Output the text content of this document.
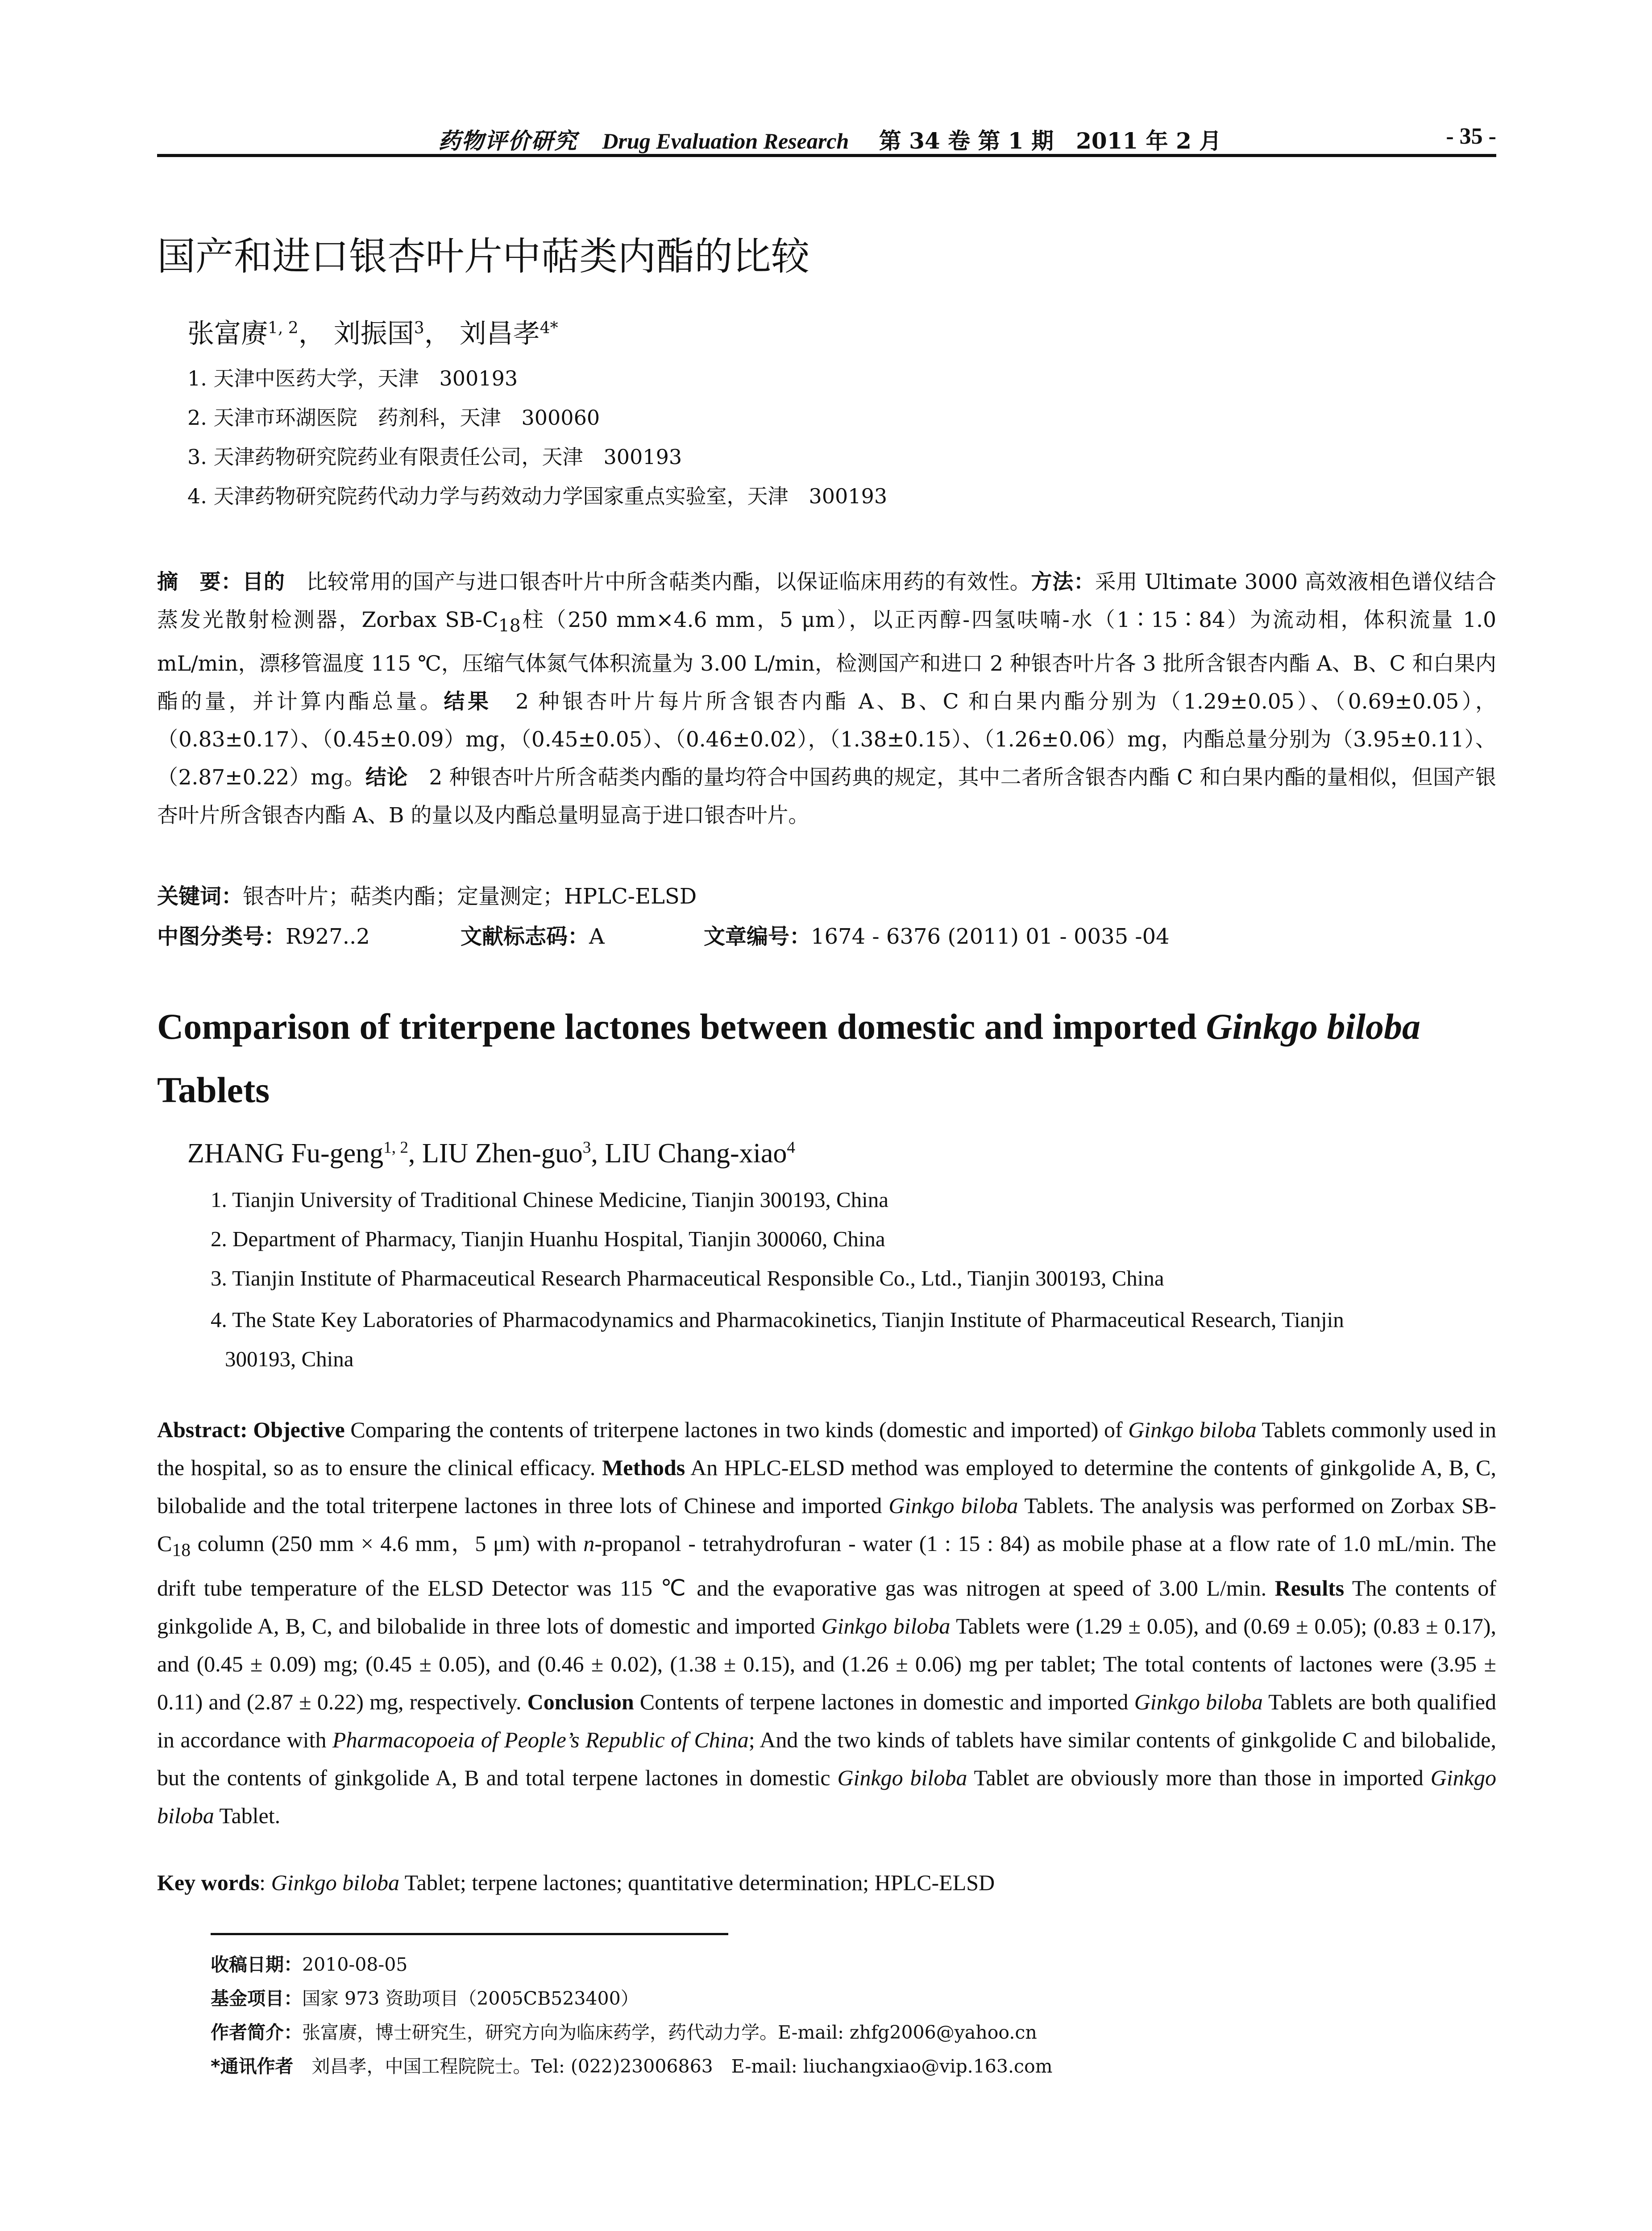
药物评价研究 Drug Evaluation Research 第 34 卷 第 1 期　2011 年 2 月	- 35 -
国产和进口银杏叶片中萜类内酯的比较
张富赓$^{1, 2}$， 刘振国$^3$， 刘昌孝$^{4*}$
1. 天津中医药大学，天津　300193
2. 天津市环湖医院　药剂科，天津　300060
3. 天津药物研究院药业有限责任公司，天津　300193
4. 天津药物研究院药代动力学与药效动力学国家重点实验室，天津　300193
摘　要：目的　比较常用的国产与进口银杏叶片中所含萜类内酯，以保证临床用药的有效性。方法：采用 Ultimate 3000 高效液相色谱仪结合蒸发光散射检测器，Zorbax $SB-C_{18}$柱（250 mm×4.6 mm，5 μm），以正丙醇-四氢呋喃-水（1∶15∶84）为流动相，体积流量 1.0 mL/min，漂移管温度 115 ℃，压缩气体氮气体积流量为 3.00 L/min，检测国产和进口 2 种银杏叶片各 3 批所含银杏内酯 A、B、C 和白果内酯的量，并计算内酯总量。结果　2 种银杏叶片每片所含银杏内酯 A、B、C 和白果内酯分别为（1.29±0.05）、（0.69±0.05），（0.83±0.17）、（0.45±0.09）mg，（0.45±0.05）、（0.46±0.02），（1.38±0.15）、（1.26±0.06）mg，内酯总量分别为（3.95±0.11）、（2.87±0.22）mg。结论　2 种银杏叶片所含萜类内酯的量均符合中国药典的规定，其中二者所含银杏内酯 C 和白果内酯的量相似，但国产银杏叶片所含银杏内酯 A、B 的量以及内酯总量明显高于进口银杏叶片。
关键词：银杏叶片；萜类内酯；定量测定；HPLC-ELSD
中图分类号：R927..2	文献标志码：A	文章编号：1674 - 6376 (2011) 01 - 0035 -04
Comparison of triterpene lactones between domestic and imported Ginkgo biloba
Tablets
ZHANG Fu-geng$^{1, 2}$, LIU Zhen-guo$^3$, LIU Chang-xiao$^4$
1. Tianjin University of Traditional Chinese Medicine, Tianjin 300193, China
2. Department of Pharmacy, Tianjin Huanhu Hospital, Tianjin 300060, China
3. Tianjin Institute of Pharmaceutical Research Pharmaceutical Responsible Co., Ltd., Tianjin 300193, China
4. The State Key Laboratories of Pharmacodynamics and Pharmacokinetics, Tianjin Institute of Pharmaceutical Research, Tianjin
300193, China
Abstract: Objective Comparing the contents of triterpene lactones in two kinds (domestic and imported) of Ginkgo biloba Tablets commonly used in the hospital, so as to ensure the clinical efficacy. Methods An HPLC-ELSD method was employed to determine the contents of ginkgolide A, B, C, bilobalide and the total triterpene lactones in three lots of Chinese and imported Ginkgo biloba Tablets. The analysis was performed on Zorbax $SB-C_{18}$ column (250 mm × 4.6 mm，5 μm) with n-propanol - tetrahydrofuran - water (1 : 15 : 84) as mobile phase at a flow rate of 1.0 mL/min. The drift tube temperature of the ELSD Detector was 115 ℃ and the evaporative gas was nitrogen at speed of 3.00 L/min. Results The contents of ginkgolide A, B, C, and bilobalide in three lots of domestic and imported Ginkgo biloba Tablets were (1.29 ± 0.05), and (0.69 ± 0.05); (0.83 ± 0.17), and (0.45 ± 0.09) mg; (0.45 ± 0.05), and (0.46 ± 0.02), (1.38 ± 0.15), and (1.26 ± 0.06) mg per tablet; The total contents of lactones were (3.95 ± 0.11) and (2.87 ± 0.22) mg, respectively. Conclusion Contents of terpene lactones in domestic and imported Ginkgo biloba Tablets are both qualified in accordance with Pharmacopoeia of People’s Republic of China; And the two kinds of tablets have similar contents of ginkgolide C and bilobalide, but the contents of ginkgolide A, B and total terpene lactones in domestic Ginkgo biloba Tablet are obviously more than those in imported Ginkgo biloba Tablet.
Key words: Ginkgo biloba Tablet; terpene lactones; quantitative determination; HPLC-ELSD
收稿日期：2010-08-05
基金项目：国家 973 资助项目（2005CB523400）
作者简介：张富赓，博士研究生，研究方向为临床药学，药代动力学。E-mail: zhfg2006@yahoo.cn
*通讯作者　刘昌孝，中国工程院院士。Tel: (022)23006863　E-mail: liuchangxiao@vip.163.com
